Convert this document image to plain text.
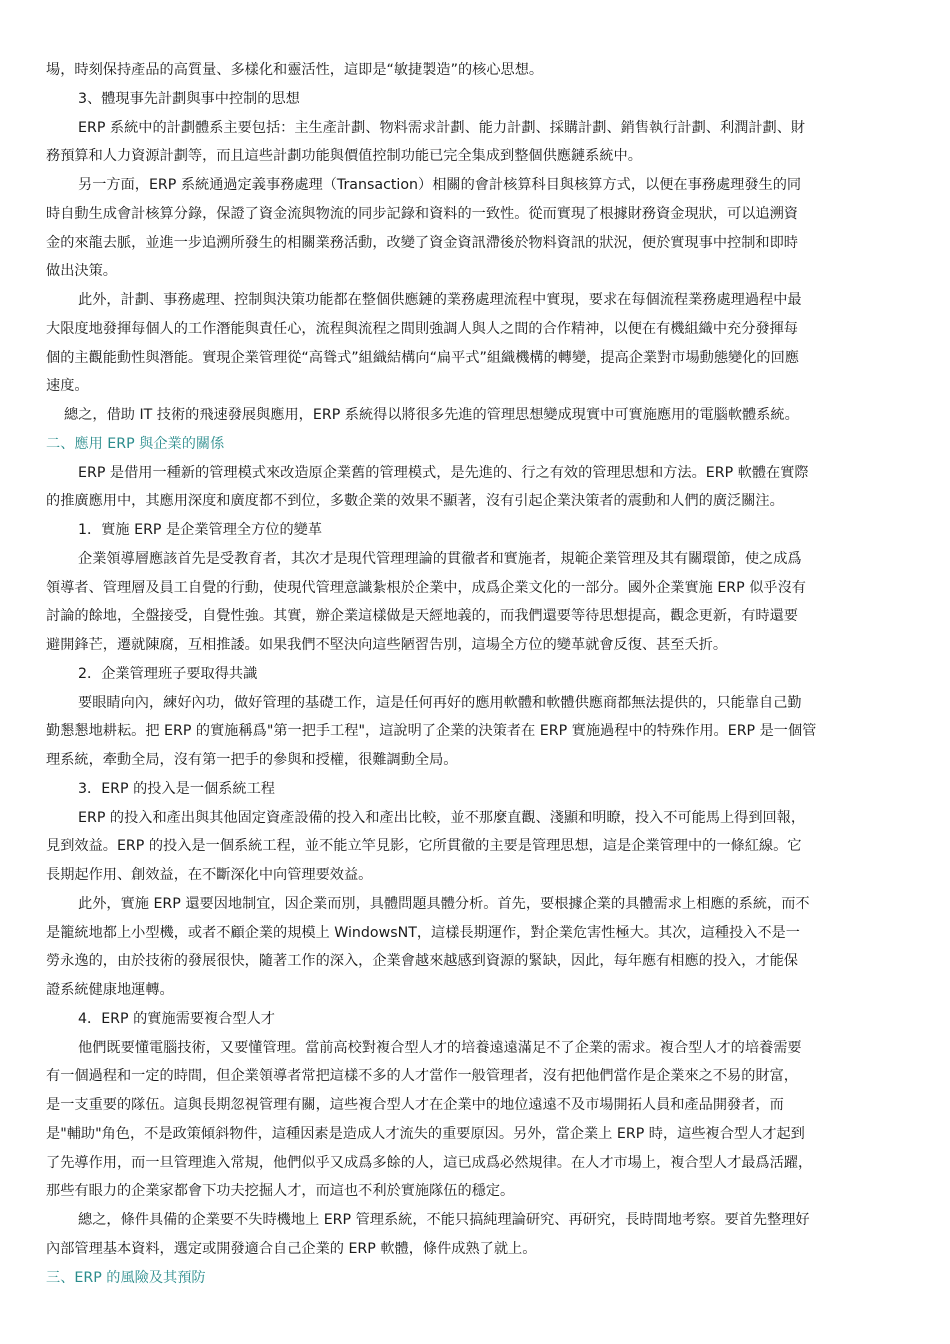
場，時刻保持產品的高質量、多樣化和靈活性，這即是“敏捷製造”的核心思想。
3、體現事先計劃與事中控制的思想
ERP 系統中的計劃體系主要包括：主生產計劃、物料需求計劃、能力計劃、採購計劃、銷售執行計劃、利潤計劃、財
務預算和人力資源計劃等，而且這些計劃功能與價值控制功能已完全集成到整個供應鏈系統中。
另一方面，ERP 系統通過定義事務處理（Transaction）相關的會計核算科目與核算方式，以便在事務處理發生的同
時自動生成會計核算分錄，保證了資金流與物流的同步記錄和資料的一致性。從而實現了根據財務資金現狀，可以追溯資
金的來龍去脈，並進一步追溯所發生的相關業務活動，改變了資金資訊滯後於物料資訊的狀況，便於實現事中控制和即時
做出決策。
此外，計劃、事務處理、控制與決策功能都在整個供應鏈的業務處理流程中實現，要求在每個流程業務處理過程中最
大限度地發揮每個人的工作潛能與責任心，流程與流程之間則強調人與人之間的合作精神，以便在有機組織中充分發揮每
個的主觀能動性與潛能。實現企業管理從“高聳式”組織結構向“扁平式”組織機構的轉變，提高企業對市場動態變化的回應
速度。
總之，借助 IT 技術的飛速發展與應用，ERP 系統得以將很多先進的管理思想變成現實中可實施應用的電腦軟體系統。
二、應用 ERP 與企業的關係
ERP 是借用一種新的管理模式來改造原企業舊的管理模式，是先進的、行之有效的管理思想和方法。ERP 軟體在實際
的推廣應用中，其應用深度和廣度都不到位，多數企業的效果不顯著，沒有引起企業決策者的震動和人們的廣泛關注。
1．實施 ERP 是企業管理全方位的變革
企業領導層應該首先是受教育者，其次才是現代管理理論的貫徹者和實施者，規範企業管理及其有關環節，使之成爲
領導者、管理層及員工自覺的行動，使現代管理意識紮根於企業中，成爲企業文化的一部分。國外企業實施 ERP 似乎沒有
討論的餘地，全盤接受，自覺性強。其實，辦企業這樣做是天經地義的，而我們還要等待思想提高，觀念更新，有時還要
避開鋒芒，遷就陳腐，互相推諉。如果我們不堅決向這些陋習告別，這場全方位的變革就會反復、甚至夭折。
2．企業管理班子要取得共識
要眼睛向內，練好內功，做好管理的基礎工作，這是任何再好的應用軟體和軟體供應商都無法提供的，只能靠自己勤
勤懇懇地耕耘。把 ERP 的實施稱爲"第一把手工程"，這說明了企業的決策者在 ERP 實施過程中的特殊作用。ERP 是一個管
理系統，牽動全局，沒有第一把手的參與和授權，很難調動全局。
3．ERP 的投入是一個系統工程
ERP 的投入和產出與其他固定資產設備的投入和產出比較，並不那麼直觀、淺顯和明瞭，投入不可能馬上得到回報，
見到效益。ERP 的投入是一個系統工程，並不能立竿見影，它所貫徹的主要是管理思想，這是企業管理中的一條紅線。它
長期起作用、創效益，在不斷深化中向管理要效益。
此外，實施 ERP 還要因地制宜，因企業而別，具體問題具體分析。首先，要根據企業的具體需求上相應的系統，而不
是籠統地都上小型機，或者不顧企業的規模上 WindowsNT，這樣長期運作，對企業危害性極大。其次，這種投入不是一
勞永逸的，由於技術的發展很快，隨著工作的深入，企業會越來越感到資源的緊缺，因此，每年應有相應的投入，才能保
證系統健康地運轉。
4．ERP 的實施需要複合型人才
他們既要懂電腦技術，又要懂管理。當前高校對複合型人才的培養遠遠滿足不了企業的需求。複合型人才的培養需要
有一個過程和一定的時間，但企業領導者常把這樣不多的人才當作一般管理者，沒有把他們當作是企業來之不易的財富，
是一支重要的隊伍。這與長期忽視管理有關，這些複合型人才在企業中的地位遠遠不及市場開拓人員和產品開發者，而
是"輔助"角色，不是政策傾斜物件，這種因素是造成人才流失的重要原因。另外，當企業上 ERP 時，這些複合型人才起到
了先導作用，而一旦管理進入常規，他們似乎又成爲多餘的人，這已成爲必然規律。在人才市場上，複合型人才最爲活躍，
那些有眼力的企業家都會下功夫挖掘人才，而這也不利於實施隊伍的穩定。
總之，條件具備的企業要不失時機地上 ERP 管理系統，不能只搞純理論研究、再研究，長時間地考察。要首先整理好
內部管理基本資料，選定或開發適合自己企業的 ERP 軟體，條件成熟了就上。
三、ERP 的風險及其預防
